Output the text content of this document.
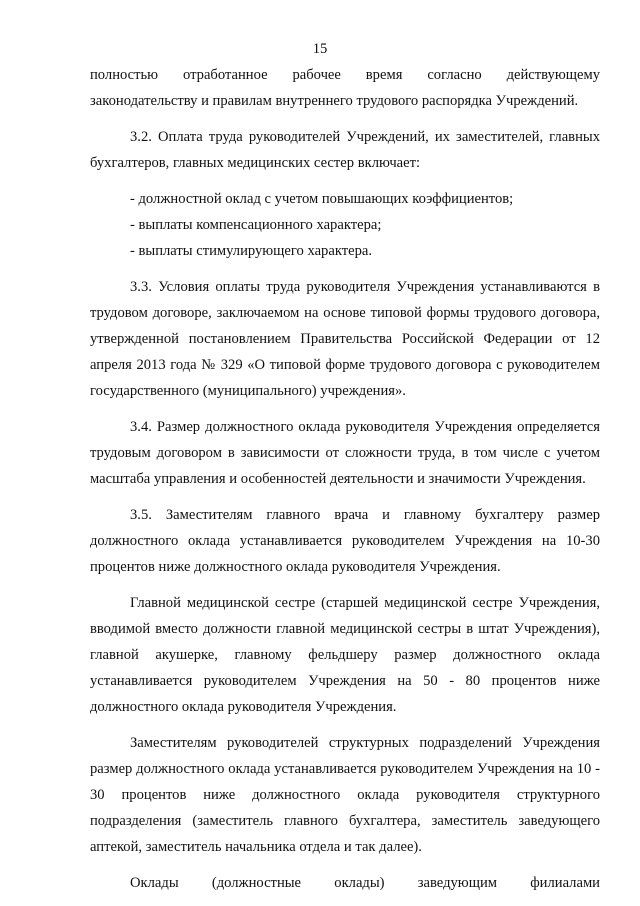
15

полностью отработанное рабочее время согласно действующему законодательству и правилам внутреннего трудового распорядка Учреждений.

3.2. Оплата труда руководителей Учреждений, их заместителей, главных бухгалтеров, главных медицинских сестер включает:

- должностной оклад с учетом повышающих коэффициентов;

- выплаты компенсационного характера;

- выплаты стимулирующего характера.

3.3. Условия оплаты труда руководителя Учреждения устанавливаются в трудовом договоре, заключаемом на основе типовой формы трудового договора, утвержденной постановлением Правительства Российской Федерации от 12 апреля 2013 года № 329 «О типовой форме трудового договора с руководителем государственного (муниципального) учреждения».

3.4. Размер должностного оклада руководителя Учреждения определяется трудовым договором в зависимости от сложности труда, в том числе с учетом масштаба управления и особенностей деятельности и значимости Учреждения.

3.5. Заместителям главного врача и главному бухгалтеру размер должностного оклада устанавливается руководителем Учреждения на 10-30 процентов ниже должностного оклада руководителя Учреждения.

Главной медицинской сестре (старшей медицинской сестре Учреждения, вводимой вместо должности главной медицинской сестры в штат Учреждения), главной акушерке, главному фельдшеру размер должностного оклада устанавливается руководителем Учреждения на 50 - 80 процентов ниже должностного оклада руководителя Учреждения.

Заместителям руководителей структурных подразделений Учреждения размер должностного оклада устанавливается руководителем Учреждения на 10 - 30 процентов ниже должностного оклада руководителя структурного подразделения (заместитель главного бухгалтера, заместитель заведующего аптекой, заместитель начальника отдела и так далее).

Оклады (должностные оклады) заведующим филиалами
